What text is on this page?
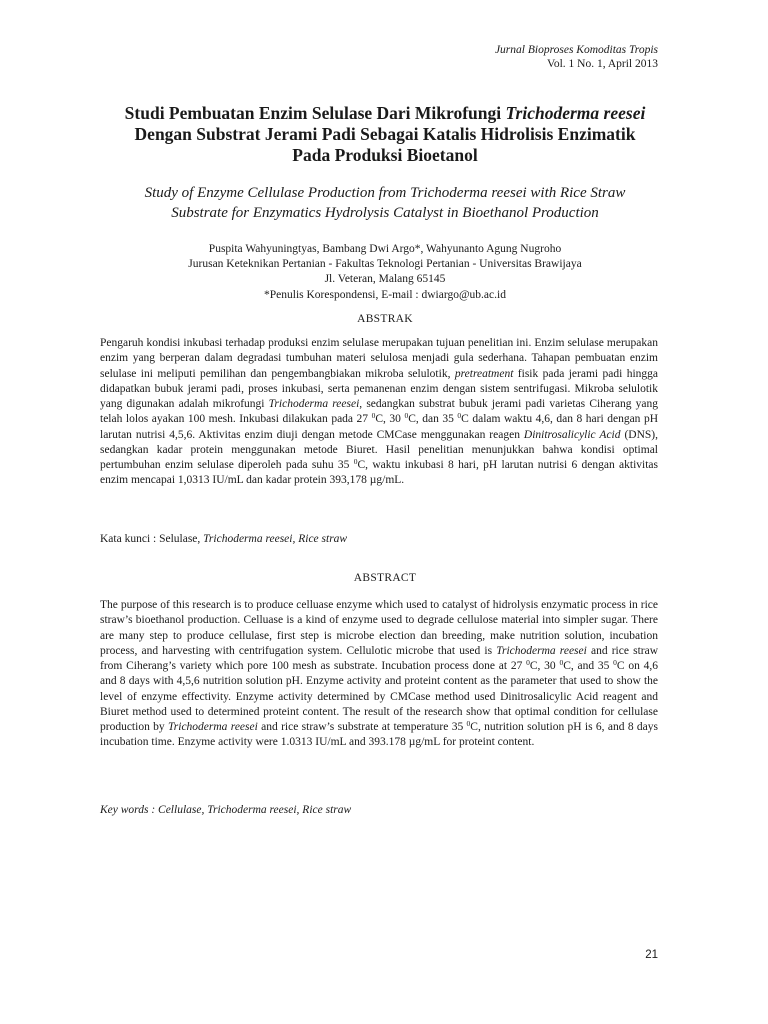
Jurnal Bioproses Komoditas Tropis
Vol. 1 No. 1, April 2013
Studi Pembuatan Enzim Selulase Dari Mikrofungi Trichoderma reesei
Dengan Substrat Jerami Padi Sebagai Katalis Hidrolisis Enzimatik
Pada Produksi Bioetanol
Study of Enzyme Cellulase Production from Trichoderma reesei with Rice Straw
Substrate for Enzymatics Hydrolysis Catalyst in Bioethanol Production
Puspita Wahyuningtyas, Bambang Dwi Argo*, Wahyunanto Agung Nugroho
Jurusan Keteknikan Pertanian - Fakultas Teknologi Pertanian - Universitas Brawijaya
Jl. Veteran, Malang 65145
*Penulis Korespondensi, E-mail : dwiargo@ub.ac.id
ABSTRAK
Pengaruh kondisi inkubasi terhadap produksi enzim selulase merupakan tujuan penelitian ini. Enzim selulase merupakan enzim yang berperan dalam degradasi tumbuhan materi selulosa menjadi gula sederhana. Tahapan pembuatan enzim selulase ini meliputi pemilihan dan pengembangbiakan mikroba selulotik, pretreatment fisik pada jerami padi hingga didapatkan bubuk jerami padi, proses inkubasi, serta pemanenan enzim dengan sistem sentrifugasi. Mikroba selulotik yang digunakan adalah mikrofungi Trichoderma reesei, sedangkan substrat bubuk jerami padi varietas Ciherang yang telah lolos ayakan 100 mesh. Inkubasi dilakukan pada 27 $^0$C, 30 $^0$C, dan 35 $^0$C dalam waktu 4,6, dan 8 hari dengan pH larutan nutrisi 4,5,6. Aktivitas enzim diuji dengan metode CMCase menggunakan reagen Dinitrosalicylic Acid (DNS), sedangkan kadar protein menggunakan metode Biuret. Hasil penelitian menunjukkan bahwa kondisi optimal pertumbuhan enzim selulase diperoleh pada suhu 35 $^0$C, waktu inkubasi 8 hari, pH larutan nutrisi 6 dengan aktivitas enzim mencapai 1,0313 IU/mL dan kadar protein 393,178 µg/mL.
Kata kunci : Selulase, Trichoderma reesei, Rice straw
ABSTRACT
The purpose of this research is to produce celluase enzyme which used to catalyst of hidrolysis enzymatic process in rice straw’s bioethanol production. Celluase is a kind of enzyme used to degrade cellulose material into simpler sugar. There are many step to produce cellulase, first step is microbe election dan breeding, make nutrition solution, incubation process, and harvesting with centrifugation system. Cellulotic microbe that used is Trichoderma reesei and rice straw from Ciherang’s variety which pore 100 mesh as substrate. Incubation process done at 27 $^0$C, 30 $^0$C, and 35 $^0$C on 4,6 and 8 days with 4,5,6 nutrition solution pH. Enzyme activity and proteint content as the parameter that used to show the level of enzyme effectivity. Enzyme activity determined by CMCase method used Dinitrosalicylic Acid reagent and Biuret method used to determined proteint content. The result of the research show that optimal condition for cellulase production by Trichoderma reesei and rice straw’s substrate at temperature 35 $^0$C, nutrition solution pH is 6, and 8 days incubation time. Enzyme activity were 1.0313 IU/mL and 393.178 µg/mL for proteint content.
Key words : Cellulase, Trichoderma reesei, Rice straw
21
